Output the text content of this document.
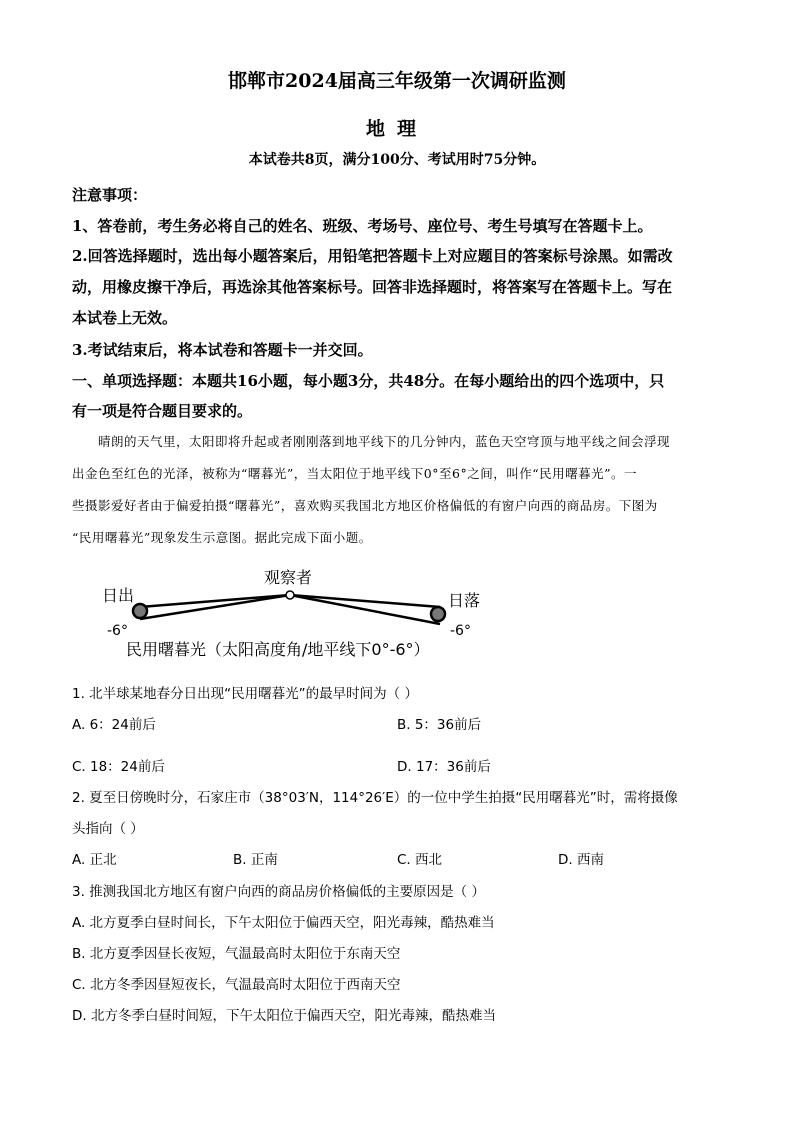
邯郸市2024届高三年级第一次调研监测
地理
本试卷共8页，满分100分、考试用时75分钟。
注意事项：
1、答卷前，考生务必将自己的姓名、班级、考场号、座位号、考生号填写在答题卡上。
2.回答选择题时，选出每小题答案后，用铅笔把答题卡上对应题目的答案标号涂黑。如需改
动，用橡皮擦干净后，再选涂其他答案标号。回答非选择题时，将答案写在答题卡上。写在
本试卷上无效。
3.考试结束后，将本试卷和答题卡一并交回。
一、单项选择题：本题共16小题，每小题3分，共48分。在每小题给出的四个选项中，只
有一项是符合题目要求的。
晴朗的天气里，太阳即将升起或者刚刚落到地平线下的几分钟内，蓝色天空穹顶与地平线之间会浮现
出金色至红色的光泽，被称为“曙暮光”，当太阳位于地平线下0°至6°之间，叫作“民用曙暮光”。一
些摄影爱好者由于偏爱拍摄“曙暮光”，喜欢购买我国北方地区价格偏低的有窗户向西的商品房。下图为
“民用曙暮光”现象发生示意图。据此完成下面小题。
观察者
日出	日落
-6°	-6°
民用曙暮光（太阳高度角/地平线下0°-6°）
1. 北半球某地春分日出现“民用曙暮光”的最早时间为（ ）
A. 6：24前后	B. 5：36前后
C. 18：24前后	D. 17：36前后
2. 夏至日傍晚时分，石家庄市（38°03′N，114°26′E）的一位中学生拍摄“民用曙暮光”时，需将摄像
头指向（ ）
A. 正北	B. 正南	C. 西北	D. 西南
3. 推测我国北方地区有窗户向西的商品房价格偏低的主要原因是（ ）
A. 北方夏季白昼时间长，下午太阳位于偏西天空，阳光毒辣，酷热难当
B. 北方夏季因昼长夜短，气温最高时太阳位于东南天空
C. 北方冬季因昼短夜长，气温最高时太阳位于西南天空
D. 北方冬季白昼时间短，下午太阳位于偏西天空，阳光毒辣，酷热难当
